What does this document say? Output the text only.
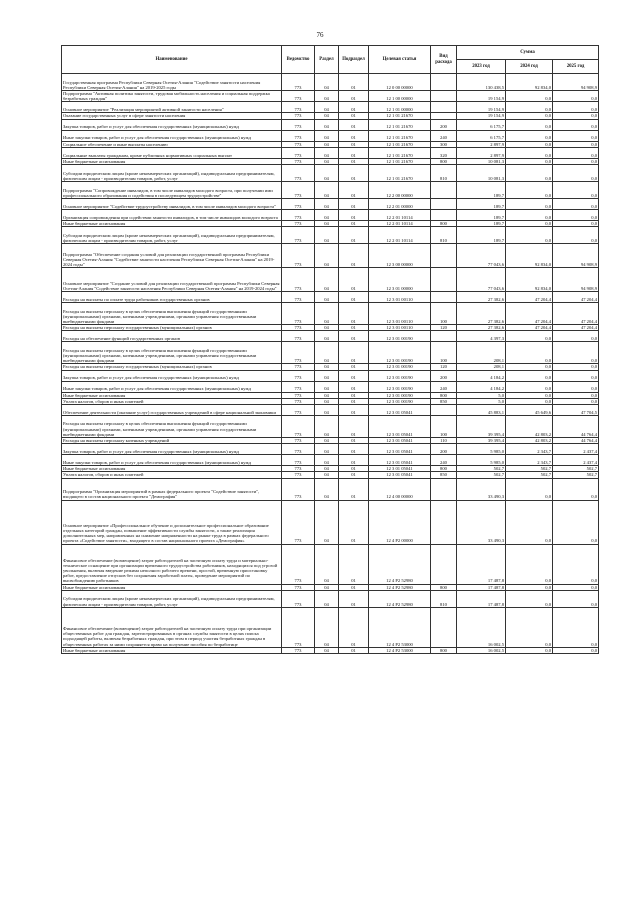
76
Наименование	Ведомство	Раздел	Подраздел	Целевая статья	Вид расхода	Сумма		
						2023 год	2024 год	2025 год
Государственная программа Республики Северная Осетия-Алания "Содействие занятости населения Республики Северная Осетия-Алания" на 2019-2025 годы	773	04	01	12 0 00 00000		130 438,5	92 834,0	94 908,9
Подпрограмма "Активная политика занятости, трудовая мобильность населения и социальная поддержка безработных граждан"	773	04	01	12 1 00 00000		19 154,9	0,0	0,0
Основное мероприятие "Реализация мероприятий активной занятости населения"	773	04	01	12 1 01 00000		19 154,9	0,0	0,0
Оказание государственных услуг в сфере занятости населения	773	04	01	12 1 01 21670		19 154,9	0,0	0,0
Закупка товаров, работ и услуг для обеспечения государственных (муниципальных) нужд	773	04	01	12 1 01 21670	200	6 175,7	0,0	0,0
Иные закупки товаров, работ и услуг для обеспечения государственных (муниципальных) нужд	773	04	01	12 1 01 21670	240	6 175,7	0,0	0,0
Социальное обеспечение и иные выплаты населению	773	04	01	12 1 01 21670	300	2 897,9	0,0	0,0
Социальные выплаты гражданам, кроме публичных нормативных социальных выплат	773	04	01	12 1 01 21670	320	2 897,9	0,0	0,0
Иные бюджетные ассигнования	773	04	01	12 1 01 21670	800	10 081,3	0,0	0,0
Субсидии юридическим лицам (кроме некоммерческих организаций), индивидуальным предпринимателям, физическим лицам - производителям товаров, работ, услуг	773	04	01	12 1 01 21670	810	10 081,3	0,0	0,0
Подпрограмма "Сопровождение инвалидов, в том числе инвалидов молодого возраста, при получении ими профессионального образования и содействия в последующем трудоустройстве"	773	04	01	12 2 00 00000		189,7	0,0	0,0
Основное мероприятие "Содействие трудоустройству инвалидов, в том числе инвалидов молодого возраста"	773	04	01	12 2 01 00000		189,7	0,0	0,0
Организация сопровождения при содействии занятости инвалидов, в том числе инвалидов молодого возраста	773	04	01	12 2 01 10114		189,7	0,0	0,0
Иные бюджетные ассигнования	773	04	01	12 2 01 10114	800	189,7	0,0	0,0
Субсидии юридическим лицам (кроме некоммерческих организаций), индивидуальным предпринимателям, физическим лицам - производителям товаров, работ, услуг	773	04	01	12 2 01 10114	810	189,7	0,0	0,0
Подпрограмма "Обеспечение создания условий для реализации государственной программы Республики Северная Осетия-Алания "Содействие занятости населения Республики Северная Осетия-Алания" на 2019-2024 годы"	773	04	01	12 3 00 00000		77 043,6	92 834,0	94 908,9
Основное мероприятие "Создание условий для реализации государственной программы Республики Северная Осетия-Алания "Содействие занятости населения Республики Северная Осетия-Алания" на 2019-2024 годы"	773	04	01	12 3 01 00000		77 043,6	92 834,0	94 908,9
Расходы на выплаты по оплате труда работников государственных органов	773	04	01	12 3 01 00110		27 382,6	47 204,4	47 204,4
Расходы на выплаты персоналу в целях обеспечения выполнения функций государственными (муниципальными) органами, казенными учреждениями, органами управления государственными внебюджетными фондами	773	04	01	12 3 01 00110	100	27 382,6	47 204,4	47 204,4
Расходы на выплаты персоналу государственных (муниципальных) органов	773	04	01	12 3 01 00110	120	27 382,6	47 204,4	47 204,4
Расходы на обеспечение функций государственных органов	773	04	01	12 3 01 00190		4 397,3	0,0	0,0
Расходы на выплаты персоналу в целях обеспечения выполнения функций государственными (муниципальными) органами, казенными учреждениями, органами управления государственными внебюджетными фондами	773	04	01	12 3 01 00190	100	208,1	0,0	0,0
Расходы на выплаты персоналу государственных (муниципальных) органов	773	04	01	12 3 01 00190	120	208,1	0,0	0,0
Закупка товаров, работ и услуг для обеспечения государственных (муниципальных) нужд	773	04	01	12 3 01 00190	200	4 184,2	0,0	0,0
Иные закупки товаров, работ и услуг для обеспечения государственных (муниципальных) нужд	773	04	01	12 3 01 00190	240	4 184,2	0,0	0,0
Иные бюджетные ассигнования	773	04	01	12 3 01 00190	800	5,0	0,0	0,0
Уплата налогов, сборов и иных платежей	773	04	01	12 3 01 00190	850	5,0	0,0	0,0
Обеспечение деятельности (оказание услуг) государственных учреждений в сфере национальной экономики	773	04	01	12 3 01 05041		45 883,1	45 649,6	47 704,5
Расходы на выплаты персоналу в целях обеспечения выполнения функций государственными (муниципальными) органами, казенными учреждениями, органами управления государственными внебюджетными фондами	773	04	01	12 3 01 05041	100	39 395,4	42 803,2	44 764,4
Расходы на выплаты персоналу казенных учреждений	773	04	01	12 3 01 05041	110	39 395,4	42 803,2	44 764,4
Закупка товаров, работ и услуг для обеспечения государственных (муниципальных) нужд	773	04	01	12 3 01 05041	200	5 985,0	2 343,7	2 437,4
Иные закупки товаров, работ и услуг для обеспечения государственных (муниципальных) нужд	773	04	01	12 3 01 05041	240	5 985,0	2 343,7	2 437,4
Иные бюджетные ассигнования	773	04	01	12 3 01 05041	800	502,7	502,7	502,7
Уплата налогов, сборов и иных платежей	773	04	01	12 3 01 05041	850	502,7	502,7	502,7
Подпрограмма "Организация мероприятий в рамках федерального проекта "Содействие занятости", входящего в состав национального проекта "Демография"	773	04	01	12 4 00 00000		33 490,3	0,0	0,0
Основное мероприятие «Профессиональное обучение и дополнительное профессиональное образование отдельных категорий граждан, повышение эффективности службы занятости, а также реализация дополнительных мер, направленных на снижение напряженности на рынке труда в рамках федерального проекта «Содействие занятости», входящего в состав национального проекта «Демография»	773	04	01	12 4 P2 00000		33 490,3	0,0	0,0
Финансовое обеспечение (возмещение) затрат работодателей на частичную оплату труда и материально-техническое оснащение при организации временного трудоустройства работников, находящихся под угрозой увольнения, включая введение режима неполного рабочего времени, простой, временную приостановку работ, предоставление отпусков без сохранения заработной платы, проведение мероприятий по высвобождению работников	773	04	01	12 4 P2 52980		17 487,8	0,0	0,0
Иные бюджетные ассигнования	773	04	01	12 4 P2 52980	800	17 487,8	0,0	0,0
Субсидии юридическим лицам (кроме некоммерческих организаций), индивидуальным предпринимателям, физическим лицам - производителям товаров, работ, услуг	773	04	01	12 4 P2 52980	810	17 487,8	0,0	0,0
Финансовое обеспечение (возмещение) затрат работодателей на частичную оплату труда при организации общественных работ для граждан, зарегистрированных в органах службы занятости в целях поиска подходящей работы, включая безработных граждан, при этом в период участия безработных граждан в общественных работах за ними сохраняется право на получение пособия по безработице	773	04	01	12 4 P2 53000		16 002,5	0,0	0,0
Иные бюджетные ассигнования	773	04	01	12 4 P2 53000	800	16 002,5	0,0	0,0
